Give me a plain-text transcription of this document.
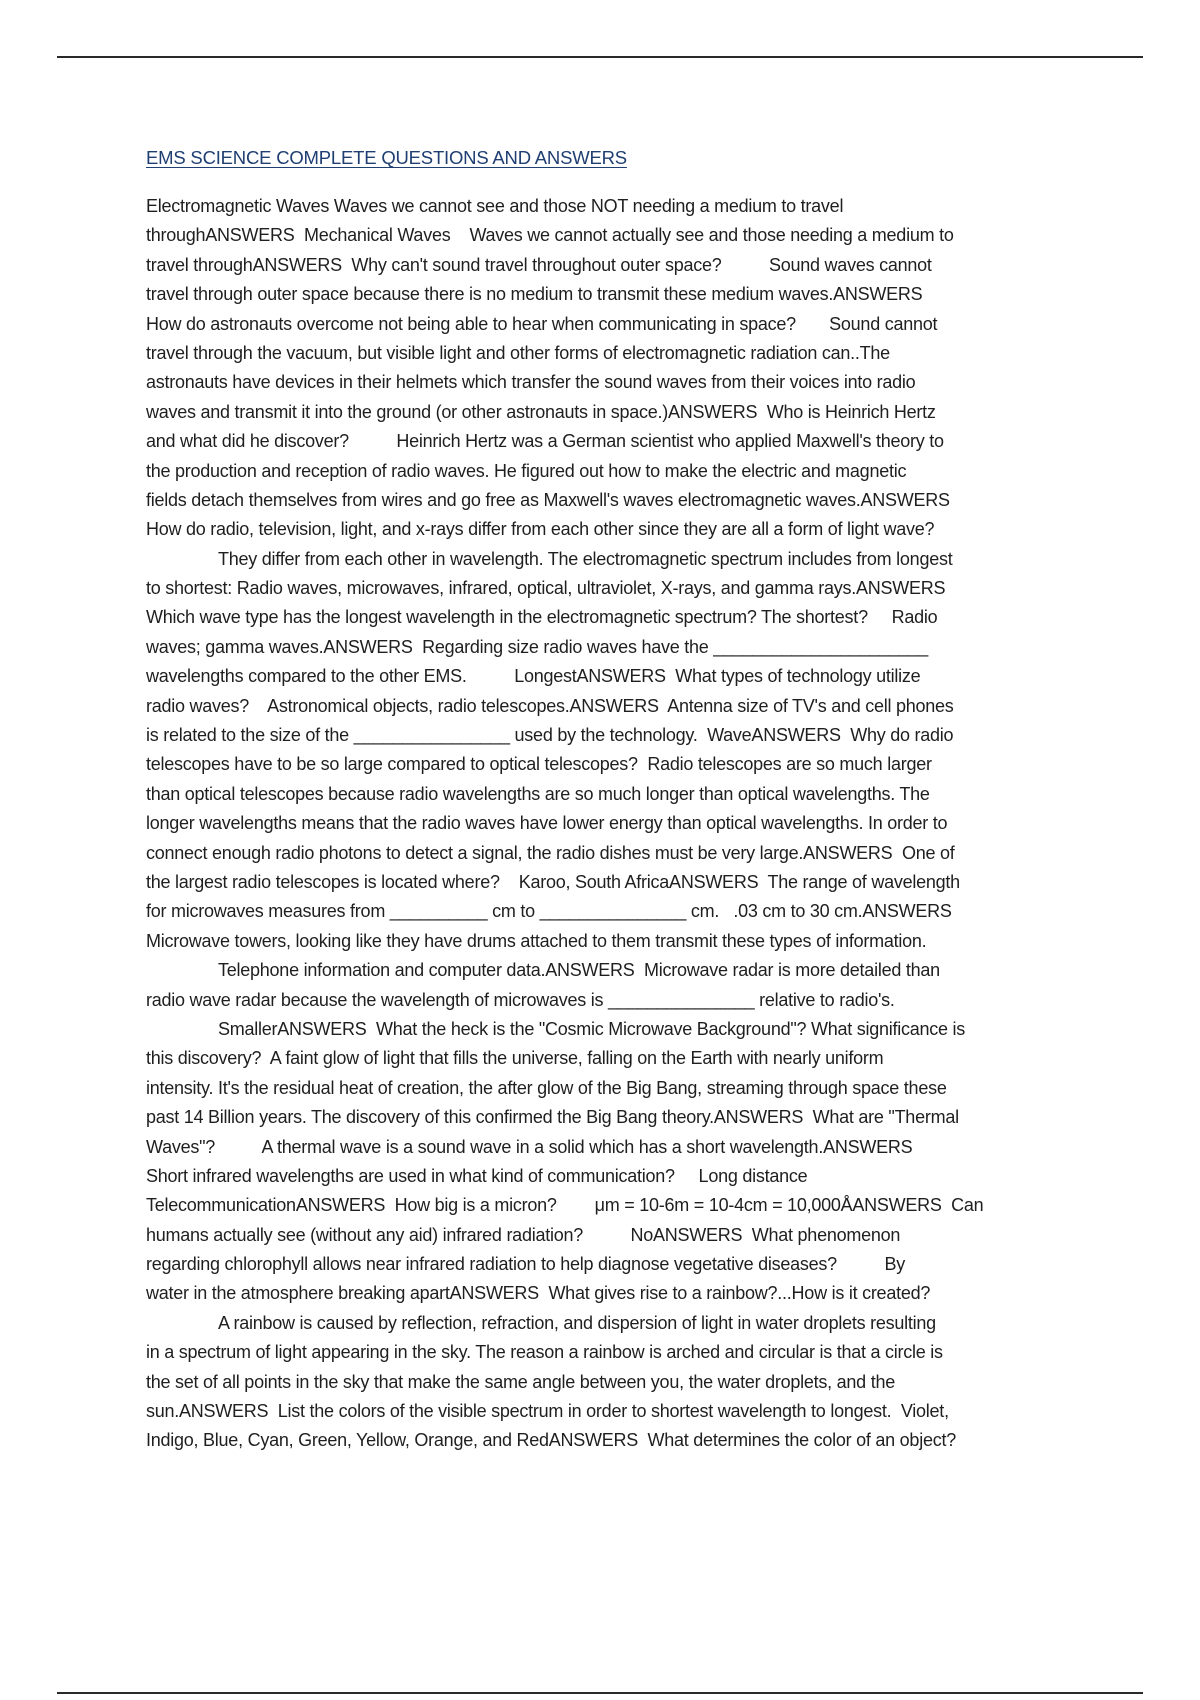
EMS SCIENCE COMPLETE QUESTIONS AND ANSWERS
Electromagnetic Waves Waves we cannot see and those NOT needing a medium to travel
throughANSWERS  Mechanical Waves    Waves we cannot actually see and those needing a medium to
travel throughANSWERS  Why can't sound travel throughout outer space?          Sound waves cannot
travel through outer space because there is no medium to transmit these medium waves.ANSWERS
How do astronauts overcome not being able to hear when communicating in space?       Sound cannot
travel through the vacuum, but visible light and other forms of electromagnetic radiation can..The
astronauts have devices in their helmets which transfer the sound waves from their voices into radio
waves and transmit it into the ground (or other astronauts in space.)ANSWERS  Who is Heinrich Hertz
and what did he discover?          Heinrich Hertz was a German scientist who applied Maxwell's theory to
the production and reception of radio waves. He figured out how to make the electric and magnetic
fields detach themselves from wires and go free as Maxwell's waves electromagnetic waves.ANSWERS
How do radio, television, light, and x-rays differ from each other since they are all a form of light wave?
They differ from each other in wavelength. The electromagnetic spectrum includes from longest
to shortest: Radio waves, microwaves, infrared, optical, ultraviolet, X-rays, and gamma rays.ANSWERS
Which wave type has the longest wavelength in the electromagnetic spectrum? The shortest?     Radio
waves; gamma waves.ANSWERS  Regarding size radio waves have the ______________________
wavelengths compared to the other EMS.          LongestANSWERS  What types of technology utilize
radio waves?    Astronomical objects, radio telescopes.ANSWERS  Antenna size of TV's and cell phones
is related to the size of the ________________ used by the technology.  WaveANSWERS  Why do radio
telescopes have to be so large compared to optical telescopes?  Radio telescopes are so much larger
than optical telescopes because radio wavelengths are so much longer than optical wavelengths. The
longer wavelengths means that the radio waves have lower energy than optical wavelengths. In order to
connect enough radio photons to detect a signal, the radio dishes must be very large.ANSWERS  One of
the largest radio telescopes is located where?    Karoo, South AfricaANSWERS  The range of wavelength
for microwaves measures from __________ cm to _______________ cm.   .03 cm to 30 cm.ANSWERS
Microwave towers, looking like they have drums attached to them transmit these types of information.
Telephone information and computer data.ANSWERS  Microwave radar is more detailed than
radio wave radar because the wavelength of microwaves is _______________ relative to radio's.
SmallerANSWERS  What the heck is the "Cosmic Microwave Background"? What significance is
this discovery?  A faint glow of light that fills the universe, falling on the Earth with nearly uniform
intensity. It's the residual heat of creation, the after glow of the Big Bang, streaming through space these
past 14 Billion years. The discovery of this confirmed the Big Bang theory.ANSWERS  What are "Thermal
Waves"?          A thermal wave is a sound wave in a solid which has a short wavelength.ANSWERS
Short infrared wavelengths are used in what kind of communication?     Long distance
TelecommunicationANSWERS  How big is a micron?        μm = 10-6m = 10-4cm = 10,000ÅANSWERS  Can
humans actually see (without any aid) infrared radiation?          NoANSWERS  What phenomenon
regarding chlorophyll allows near infrared radiation to help diagnose vegetative diseases?          By
water in the atmosphere breaking apartANSWERS  What gives rise to a rainbow?...How is it created?
A rainbow is caused by reflection, refraction, and dispersion of light in water droplets resulting
in a spectrum of light appearing in the sky. The reason a rainbow is arched and circular is that a circle is
the set of all points in the sky that make the same angle between you, the water droplets, and the
sun.ANSWERS  List the colors of the visible spectrum in order to shortest wavelength to longest.  Violet,
Indigo, Blue, Cyan, Green, Yellow, Orange, and RedANSWERS  What determines the color of an object?
